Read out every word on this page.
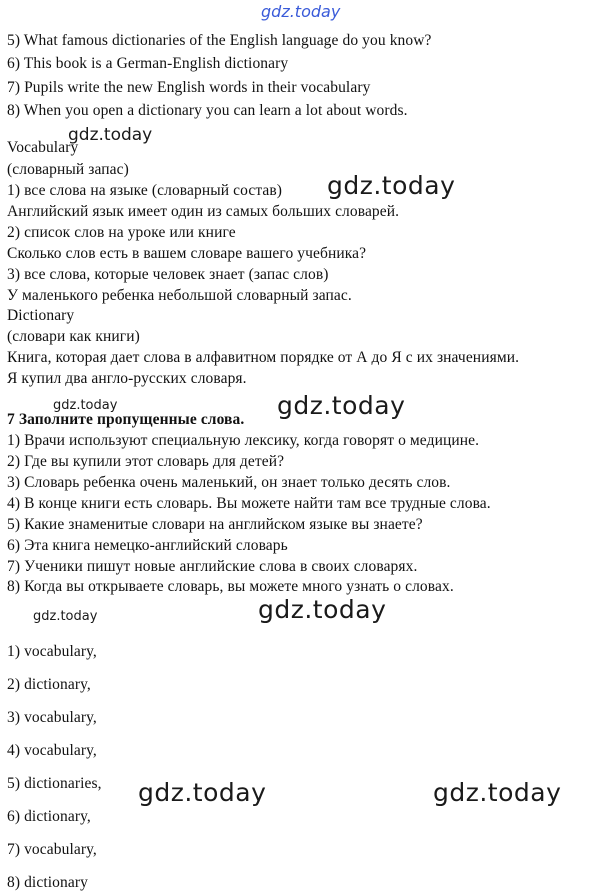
gdz.today
gdz.today
gdz.today
gdz.today	gdz.today
gdz.today	gdz.today
gdz.today	gdz.today
5) What famous dictionaries of the English language do you know?
6) This book is a German-English dictionary
7) Pupils write the new English words in their vocabulary
8) When you open a dictionary you can learn a lot about words.
Vocabulary
(словарный запас)
1) все слова на языке (словарный состав)
Английский язык имеет один из самых больших словарей.
2) список слов на уроке или книге
Сколько слов есть в вашем словаре вашего учебника?
3) все слова, которые человек знает (запас слов)
У маленького ребенка небольшой словарный запас.
Dictionary
(словари как книги)
Книга, которая дает слова в алфавитном порядке от А до Я с их значениями.
Я купил два англо-русских словаря.
7 Заполните пропущенные слова.
1) Врачи используют специальную лексику, когда говорят о медицине.
2) Где вы купили этот словарь для детей?
3) Словарь ребенка очень маленький, он знает только десять слов.
4) В конце книги есть словарь. Вы можете найти там все трудные слова.
5) Какие знаменитые словари на английском языке вы знаете?
6) Эта книга немецко-английский словарь
7) Ученики пишут новые английские слова в своих словарях.
8) Когда вы открываете словарь, вы можете много узнать о словах.
1) vocabulary,
2) dictionary,
3) vocabulary,
4) vocabulary,
5) dictionaries,
6) dictionary,
7) vocabulary,
8) dictionary
